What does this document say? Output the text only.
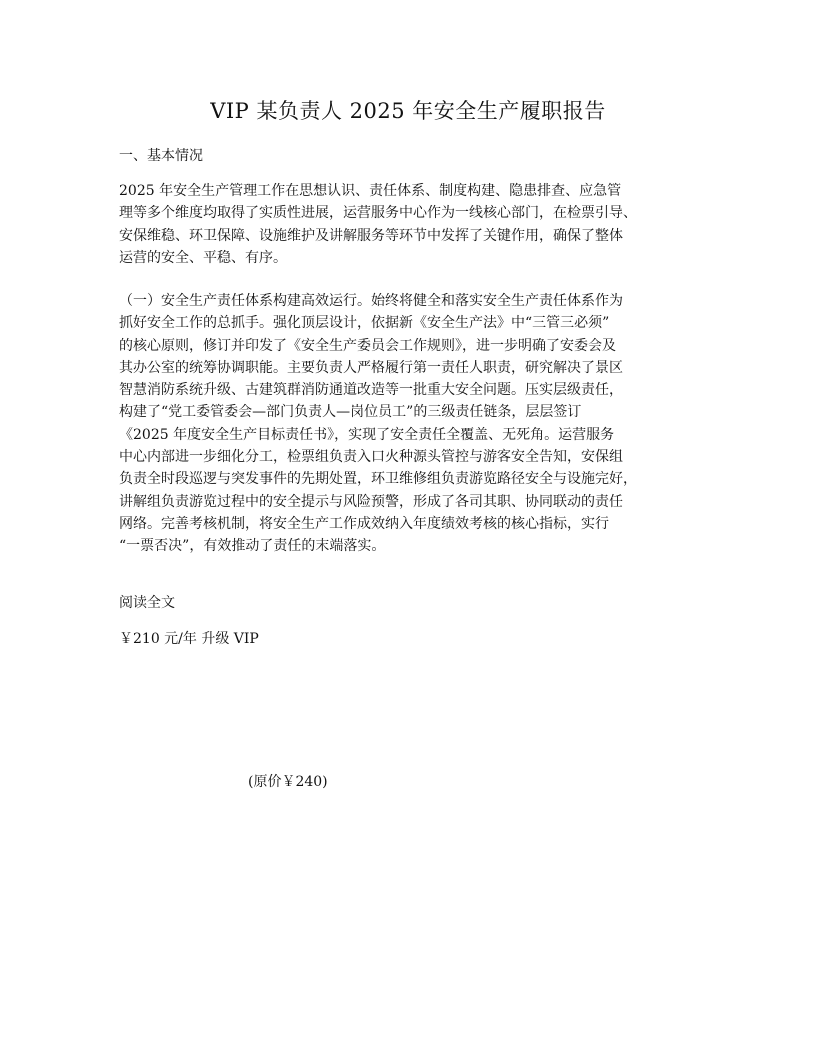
VIP 某负责人 2025 年安全生产履职报告
一、基本情况

2025 年安全生产管理工作在思想认识、责任体系、制度构建、隐患排查、应急管
理等多个维度均取得了实质性进展，运营服务中心作为一线核心部门，在检票引导、
安保维稳、环卫保障、设施维护及讲解服务等环节中发挥了关键作用，确保了整体
运营的安全、平稳、有序。

（一）安全生产责任体系构建高效运行。始终将健全和落实安全生产责任体系作为
抓好安全工作的总抓手。强化顶层设计，依据新《安全生产法》中“三管三必须”
的核心原则，修订并印发了《安全生产委员会工作规则》，进一步明确了安委会及
其办公室的统筹协调职能。主要负责人严格履行第一责任人职责，研究解决了景区
智慧消防系统升级、古建筑群消防通道改造等一批重大安全问题。压实层级责任，
构建了“党工委管委会—部门负责人—岗位员工”的三级责任链条，层层签订
《2025 年度安全生产目标责任书》，实现了安全责任全覆盖、无死角。运营服务
中心内部进一步细化分工，检票组负责入口火种源头管控与游客安全告知，安保组
负责全时段巡逻与突发事件的先期处置，环卫维修组负责游览路径安全与设施完好，
讲解组负责游览过程中的安全提示与风险预警，形成了各司其职、协同联动的责任
网络。完善考核机制，将安全生产工作成效纳入年度绩效考核的核心指标，实行
“一票否决”，有效推动了责任的末端落实。

阅读全文
￥210 元/年 升级 VIP
(原价￥240)
